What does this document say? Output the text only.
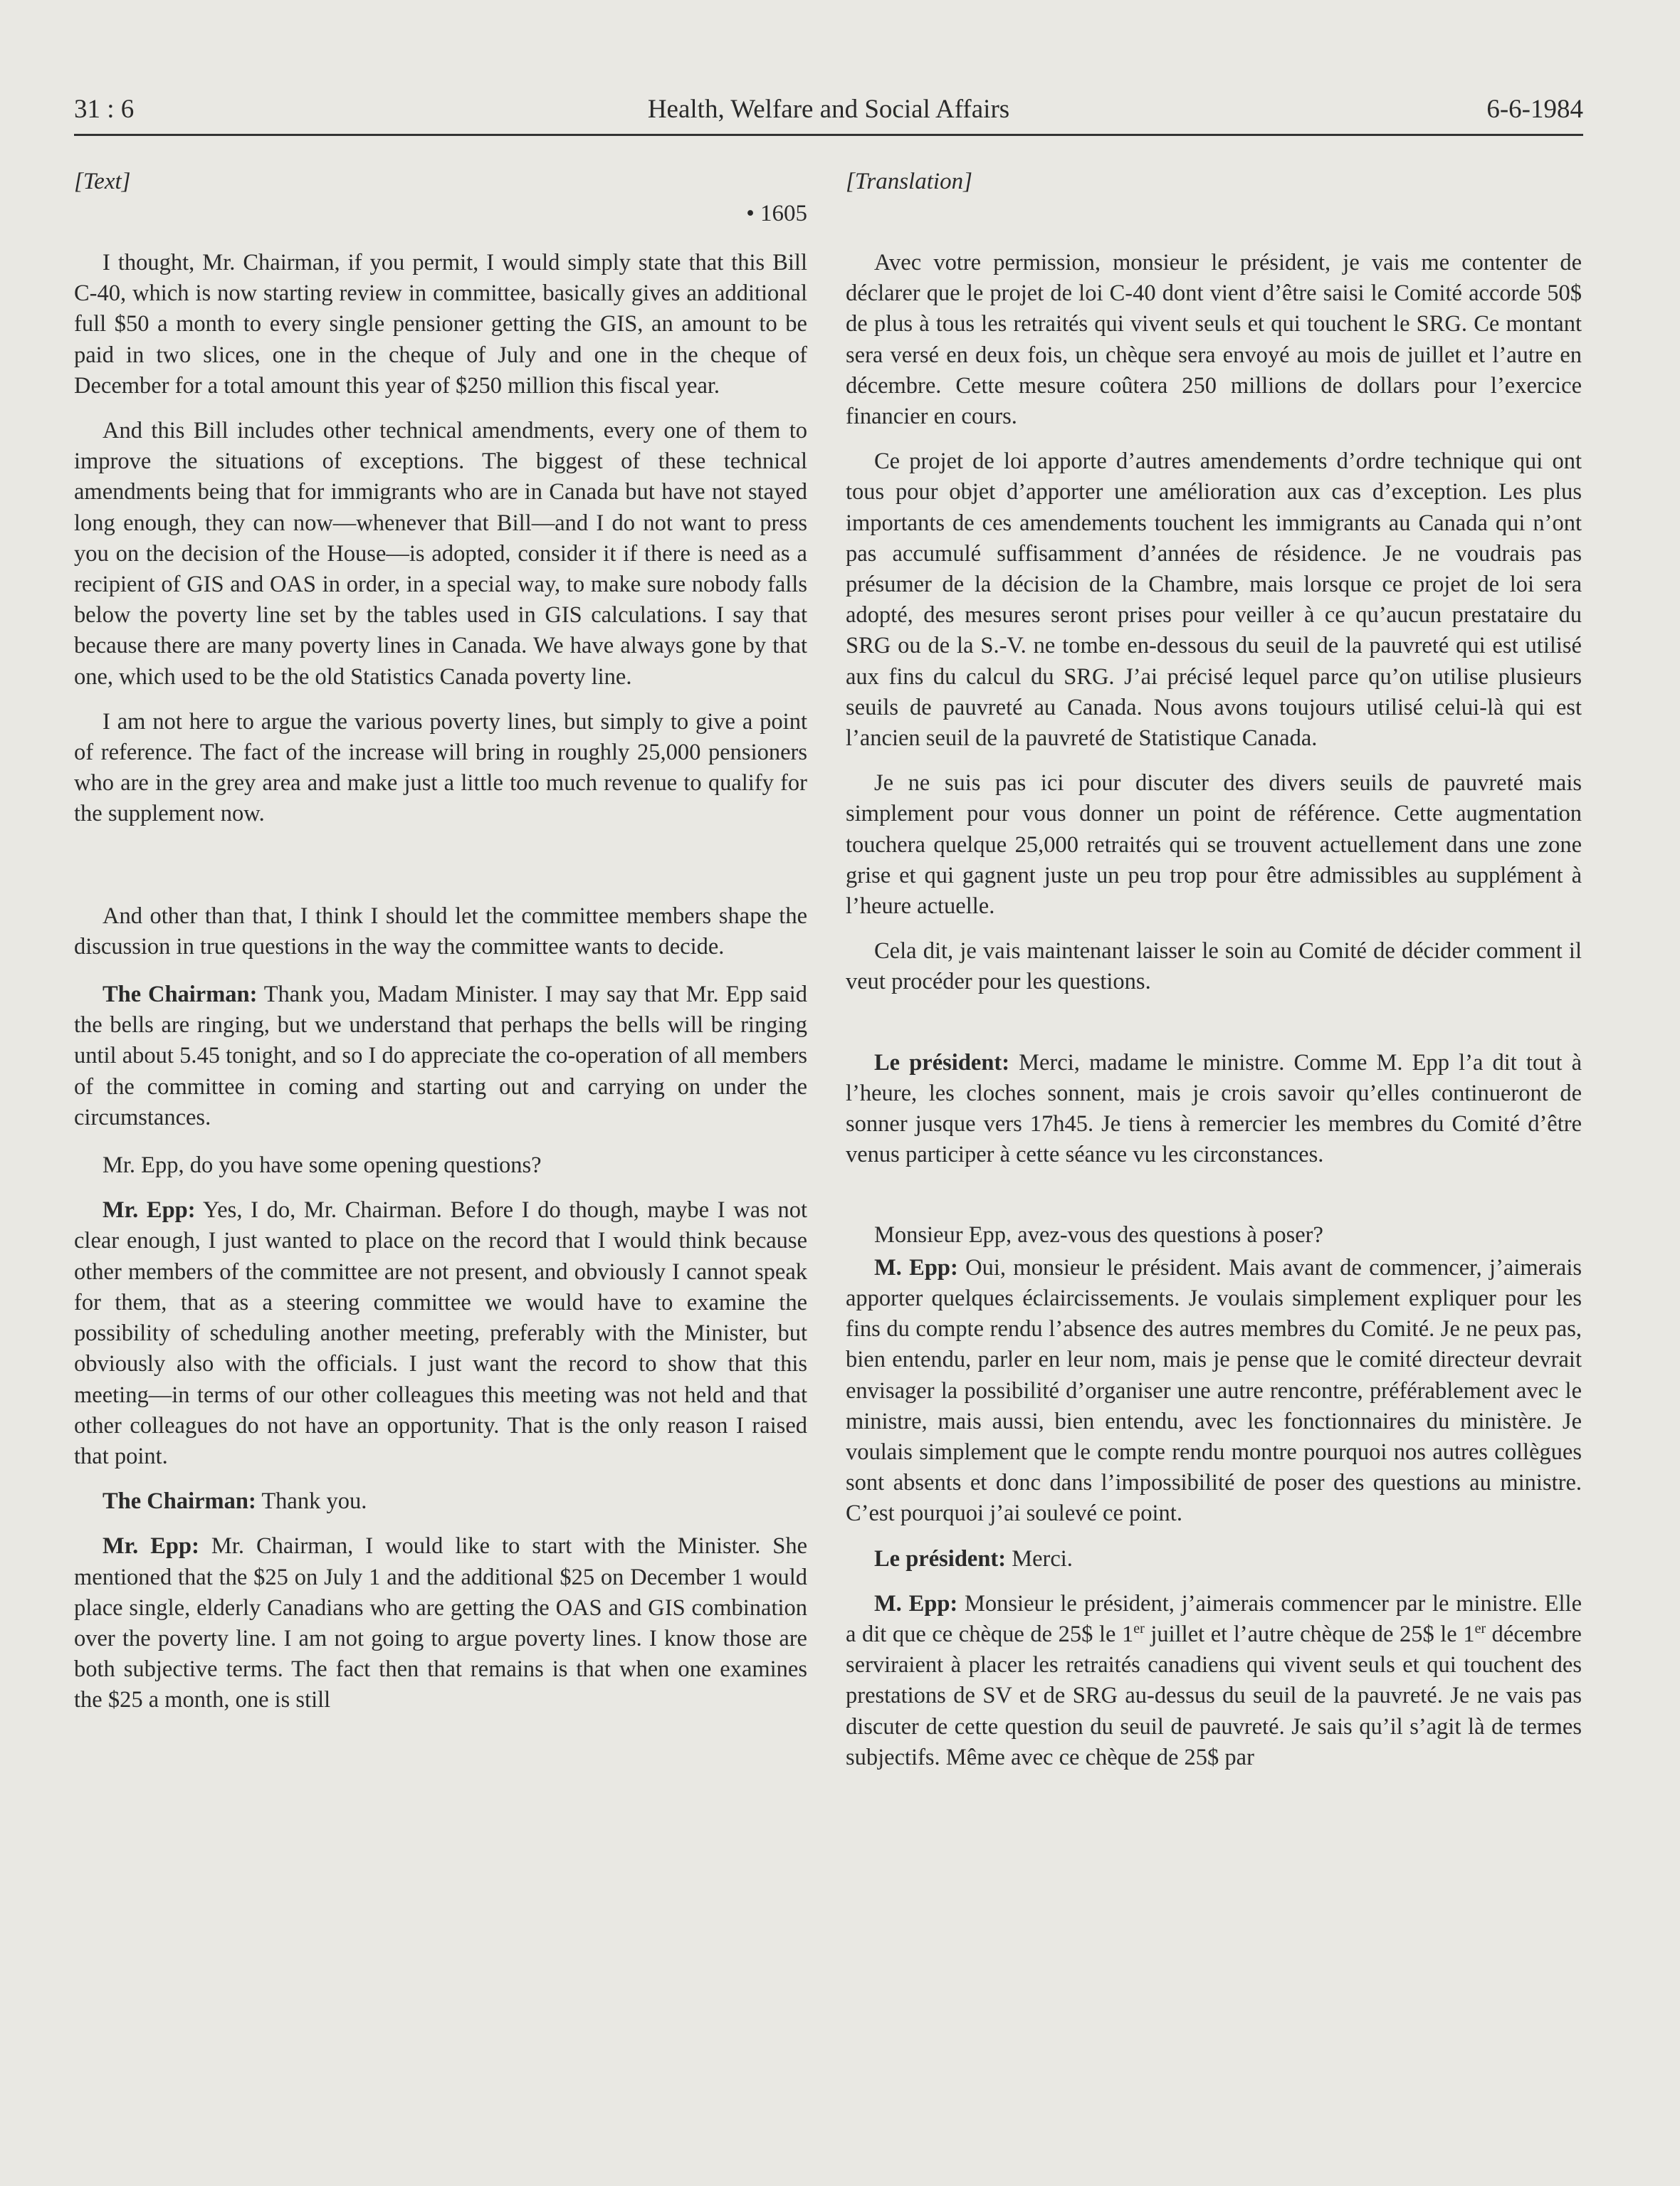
31 : 6	Health, Welfare and Social Affairs	6-6-1984
[Text]
• 1605

I thought, Mr. Chairman, if you permit, I would simply state that this Bill C-40, which is now starting review in committee, basically gives an additional full $50 a month to every single pensioner getting the GIS, an amount to be paid in two slices, one in the cheque of July and one in the cheque of December for a total amount this year of $250 million this fiscal year.

And this Bill includes other technical amendments, every one of them to improve the situations of exceptions. The biggest of these technical amendments being that for immigrants who are in Canada but have not stayed long enough, they can now—whenever that Bill—and I do not want to press you on the decision of the House—is adopted, consider it if there is need as a recipient of GIS and OAS in order, in a special way, to make sure nobody falls below the poverty line set by the tables used in GIS calculations. I say that because there are many poverty lines in Canada. We have always gone by that one, which used to be the old Statistics Canada poverty line.

I am not here to argue the various poverty lines, but simply to give a point of reference. The fact of the increase will bring in roughly 25,000 pensioners who are in the grey area and make just a little too much revenue to qualify for the supplement now.

And other than that, I think I should let the committee members shape the discussion in true questions in the way the committee wants to decide.

The Chairman: Thank you, Madam Minister. I may say that Mr. Epp said the bells are ringing, but we understand that perhaps the bells will be ringing until about 5.45 tonight, and so I do appreciate the co-operation of all members of the committee in coming and starting out and carrying on under the circumstances.

Mr. Epp, do you have some opening questions?

Mr. Epp: Yes, I do, Mr. Chairman. Before I do though, maybe I was not clear enough, I just wanted to place on the record that I would think because other members of the committee are not present, and obviously I cannot speak for them, that as a steering committee we would have to examine the possibility of scheduling another meeting, preferably with the Minister, but obviously also with the officials. I just want the record to show that this meeting—in terms of our other colleagues this meeting was not held and that other colleagues do not have an opportunity. That is the only reason I raised that point.

The Chairman: Thank you.

Mr. Epp: Mr. Chairman, I would like to start with the Minister. She mentioned that the $25 on July 1 and the additional $25 on December 1 would place single, elderly Canadians who are getting the OAS and GIS combination over the poverty line. I am not going to argue poverty lines. I know those are both subjective terms. The fact then that remains is that when one examines the $25 a month, one is still

[Translation]

Avec votre permission, monsieur le président, je vais me contenter de déclarer que le projet de loi C-40 dont vient d’être saisi le Comité accorde 50$ de plus à tous les retraités qui vivent seuls et qui touchent le SRG. Ce montant sera versé en deux fois, un chèque sera envoyé au mois de juillet et l’autre en décembre. Cette mesure coûtera 250 millions de dollars pour l’exercice financier en cours.

Ce projet de loi apporte d’autres amendements d’ordre technique qui ont tous pour objet d’apporter une amélioration aux cas d’exception. Les plus importants de ces amendements touchent les immigrants au Canada qui n’ont pas accumulé suffisamment d’années de résidence. Je ne voudrais pas présumer de la décision de la Chambre, mais lorsque ce projet de loi sera adopté, des mesures seront prises pour veiller à ce qu’aucun prestataire du SRG ou de la S.-V. ne tombe en-dessous du seuil de la pauvreté qui est utilisé aux fins du calcul du SRG. J’ai précisé lequel parce qu’on utilise plusieurs seuils de pauvreté au Canada. Nous avons toujours utilisé celui-là qui est l’ancien seuil de la pauvreté de Statistique Canada.

Je ne suis pas ici pour discuter des divers seuils de pauvreté mais simplement pour vous donner un point de référence. Cette augmentation touchera quelque 25,000 retraités qui se trouvent actuellement dans une zone grise et qui gagnent juste un peu trop pour être admissibles au supplément à l’heure actuelle.

Cela dit, je vais maintenant laisser le soin au Comité de décider comment il veut procéder pour les questions.

Le président: Merci, madame le ministre. Comme M. Epp l’a dit tout à l’heure, les cloches sonnent, mais je crois savoir qu’elles continueront de sonner jusque vers 17h45. Je tiens à remercier les membres du Comité d’être venus participer à cette séance vu les circonstances.

Monsieur Epp, avez-vous des questions à poser?

M. Epp: Oui, monsieur le président. Mais avant de commencer, j’aimerais apporter quelques éclaircissements. Je voulais simplement expliquer pour les fins du compte rendu l’absence des autres membres du Comité. Je ne peux pas, bien entendu, parler en leur nom, mais je pense que le comité directeur devrait envisager la possibilité d’organiser une autre rencontre, préférablement avec le ministre, mais aussi, bien entendu, avec les fonctionnaires du ministère. Je voulais simplement que le compte rendu montre pourquoi nos autres collègues sont absents et donc dans l’impossibilité de poser des questions au ministre. C’est pourquoi j’ai soulevé ce point.

Le président: Merci.

M. Epp: Monsieur le président, j’aimerais commencer par le ministre. Elle a dit que ce chèque de 25$ le 1er juillet et l’autre chèque de 25$ le 1er décembre serviraient à placer les retraités canadiens qui vivent seuls et qui touchent des prestations de SV et de SRG au-dessus du seuil de la pauvreté. Je ne vais pas discuter de cette question du seuil de pauvreté. Je sais qu’il s’agit là de termes subjectifs. Même avec ce chèque de 25$ par
